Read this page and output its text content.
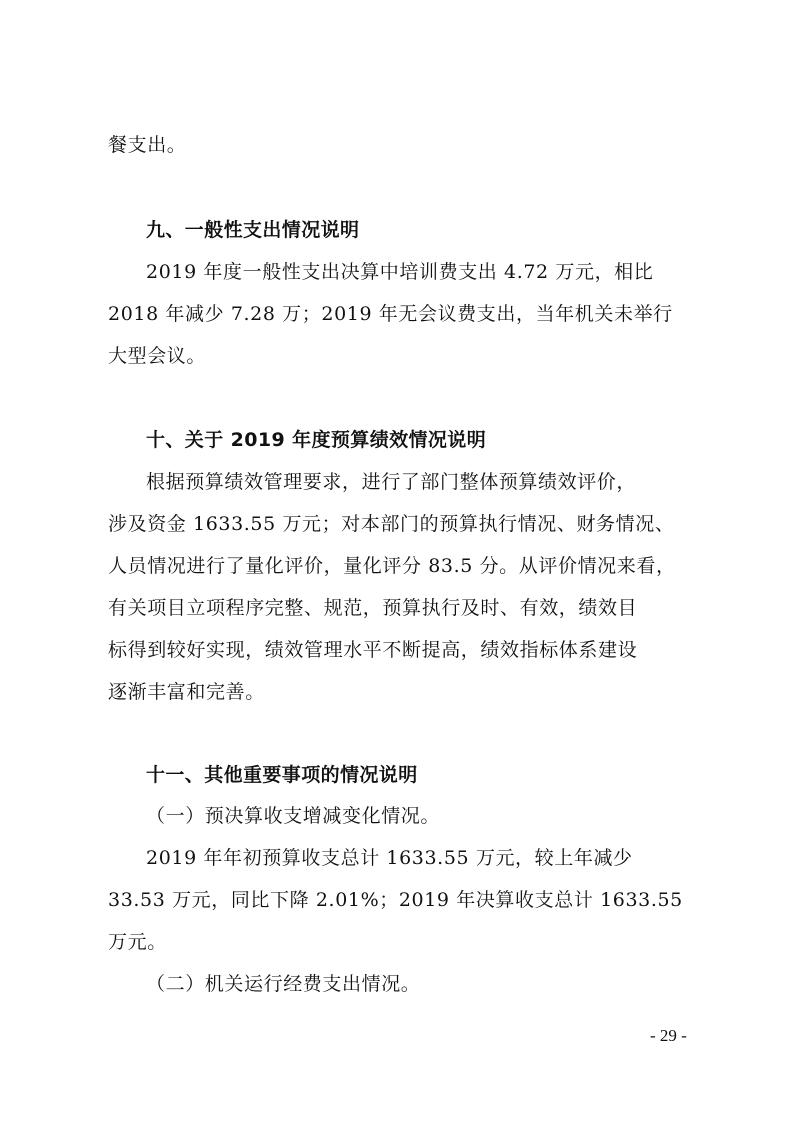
餐支出。
九、一般性支出情况说明
2019 年度一般性支出决算中培训费支出 4.72 万元，相比
2018 年减少 7.28 万；2019 年无会议费支出，当年机关未举行
大型会议。
十、关于 2019 年度预算绩效情况说明
根据预算绩效管理要求，进行了部门整体预算绩效评价，
涉及资金 1633.55 万元；对本部门的预算执行情况、财务情况、
人员情况进行了量化评价，量化评分 83.5 分。从评价情况来看，
有关项目立项程序完整、规范，预算执行及时、有效，绩效目
标得到较好实现，绩效管理水平不断提高，绩效指标体系建设
逐渐丰富和完善。
十一、其他重要事项的情况说明
（一）预决算收支增减变化情况。
2019 年年初预算收支总计 1633.55 万元，较上年减少
33.53 万元，同比下降 2.01%；2019 年决算收支总计 1633.55
万元。
（二）机关运行经费支出情况。
- 29 -
